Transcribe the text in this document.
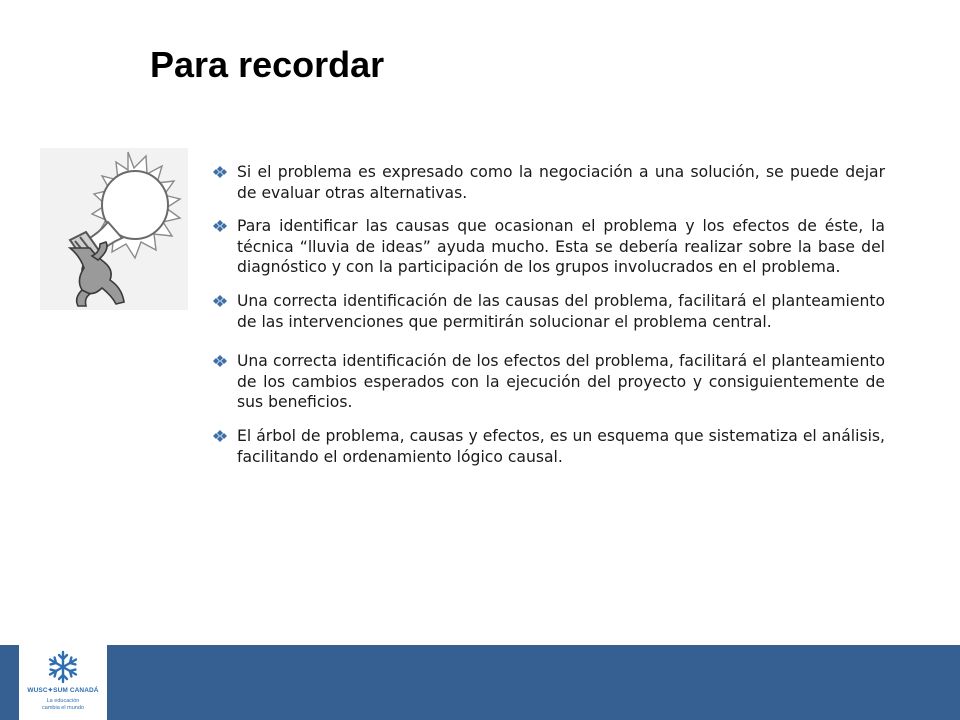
Para recordar
Si el problema es expresado como la negociación a una solución, se puede dejar de evaluar otras alternativas.
Para identificar las causas que ocasionan el problema y los efectos de éste, la técnica “lluvia de ideas” ayuda mucho. Esta se debería realizar sobre la base del diagnóstico y con la participación de los grupos involucrados en el problema.
Una correcta identificación de las causas del problema, facilitará el planteamiento de las intervenciones que permitirán solucionar el problema central.
Una correcta identificación de los efectos del problema, facilitará el planteamiento de los cambios esperados con la ejecución del proyecto y consiguientemente de sus beneficios.
El árbol de problema, causas y efectos, es un esquema que sistematiza el análisis, facilitando el ordenamiento lógico causal.
WUSC✦SUM CANADÁ
La educación
cambia el mundo
